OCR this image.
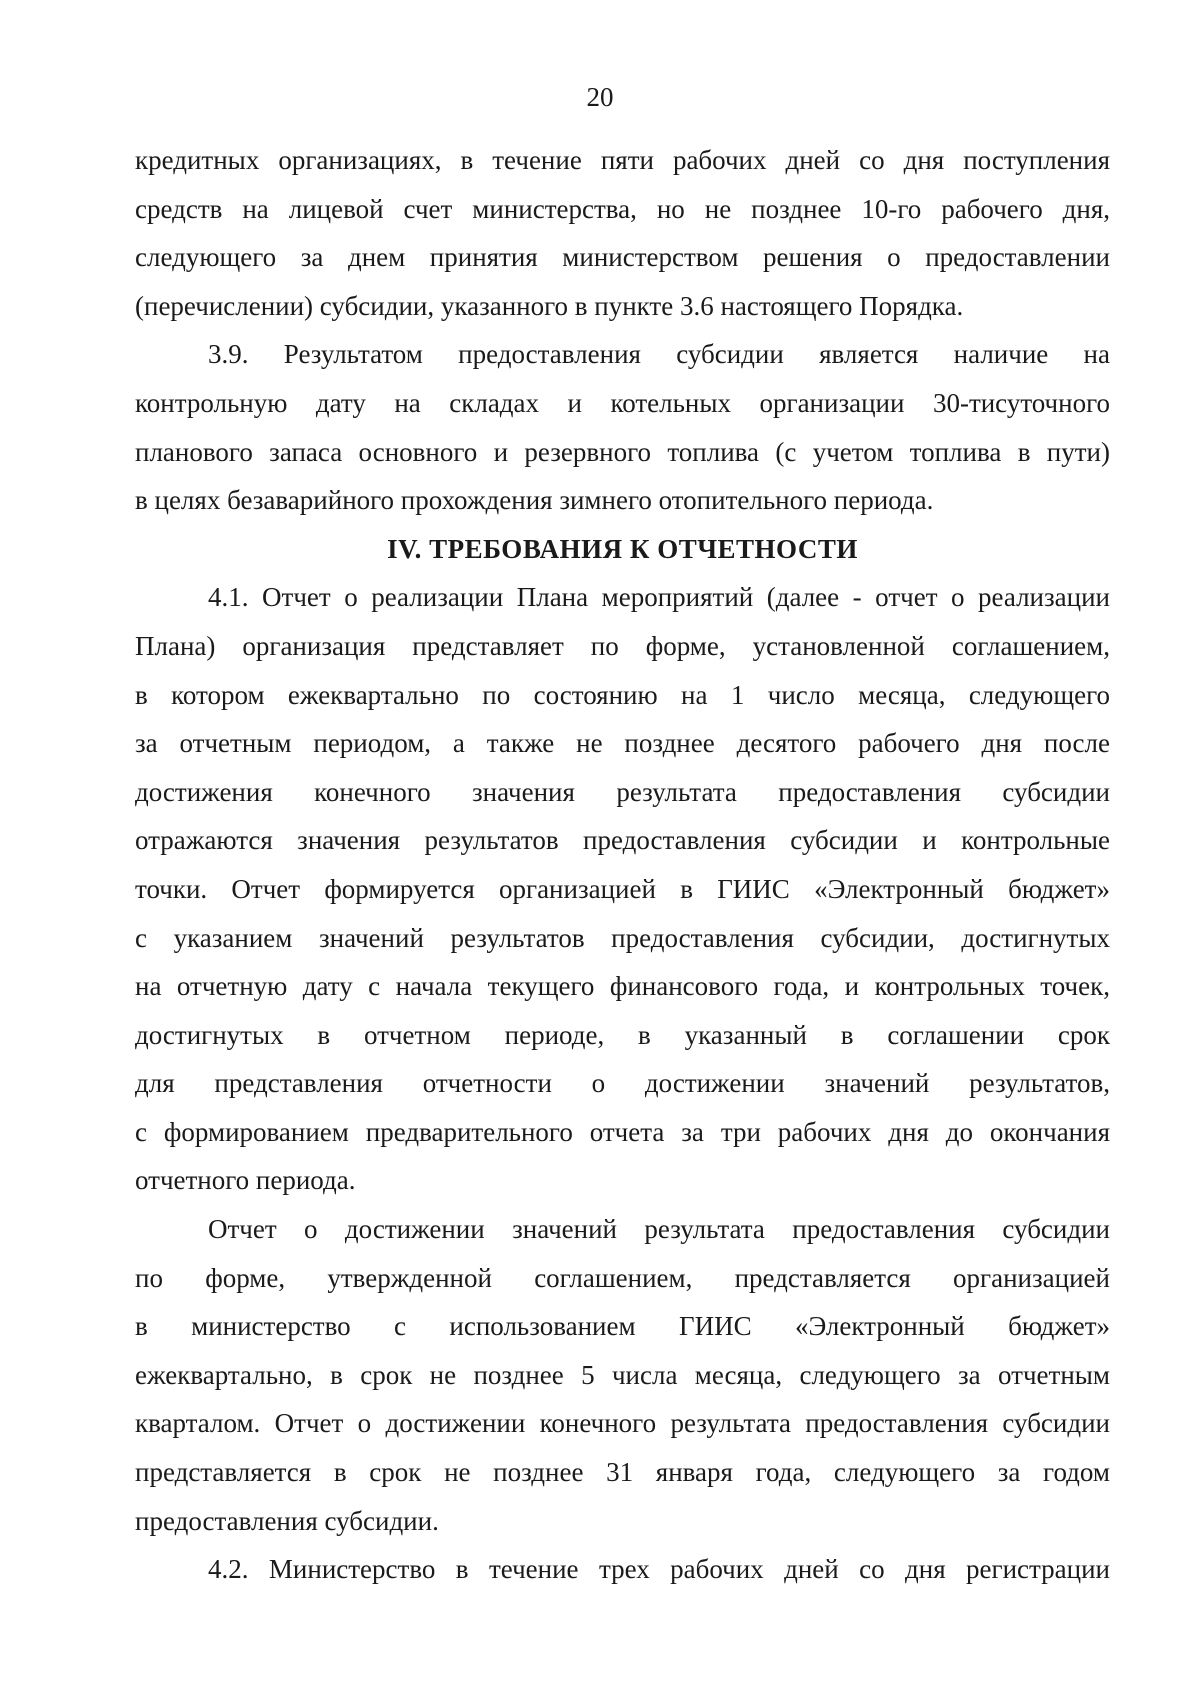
20
кредитных организациях, в течение пяти рабочих дней со дня поступления
средств на лицевой счет министерства, но не позднее 10-го рабочего дня,
следующего за днем принятия министерством решения о предоставлении
(перечислении) субсидии, указанного в пункте 3.6 настоящего Порядка.
3.9. Результатом предоставления субсидии является наличие на
контрольную дату на складах и котельных организации 30-тисуточного
планового запаса основного и резервного топлива (с учетом топлива в пути)
в целях безаварийного прохождения зимнего отопительного периода.
IV. ТРЕБОВАНИЯ К ОТЧЕТНОСТИ
4.1. Отчет о реализации Плана мероприятий (далее - отчет о реализации
Плана) организация представляет по форме, установленной соглашением,
в котором ежеквартально по состоянию на 1 число месяца, следующего
за отчетным периодом, а также не позднее десятого рабочего дня после
достижения конечного значения результата предоставления субсидии
отражаются значения результатов предоставления субсидии и контрольные
точки. Отчет формируется организацией в ГИИС «Электронный бюджет»
с указанием значений результатов предоставления субсидии, достигнутых
на отчетную дату с начала текущего финансового года, и контрольных точек,
достигнутых в отчетном периоде, в указанный в соглашении срок
для представления отчетности о достижении значений результатов,
с формированием предварительного отчета за три рабочих дня до окончания
отчетного периода.
Отчет о достижении значений результата предоставления субсидии
по форме, утвержденной соглашением, представляется организацией
в министерство с использованием ГИИС «Электронный бюджет»
ежеквартально, в срок не позднее 5 числа месяца, следующего за отчетным
кварталом. Отчет о достижении конечного результата предоставления субсидии
представляется в срок не позднее 31 января года, следующего за годом
предоставления субсидии.
4.2. Министерство в течение трех рабочих дней со дня регистрации
